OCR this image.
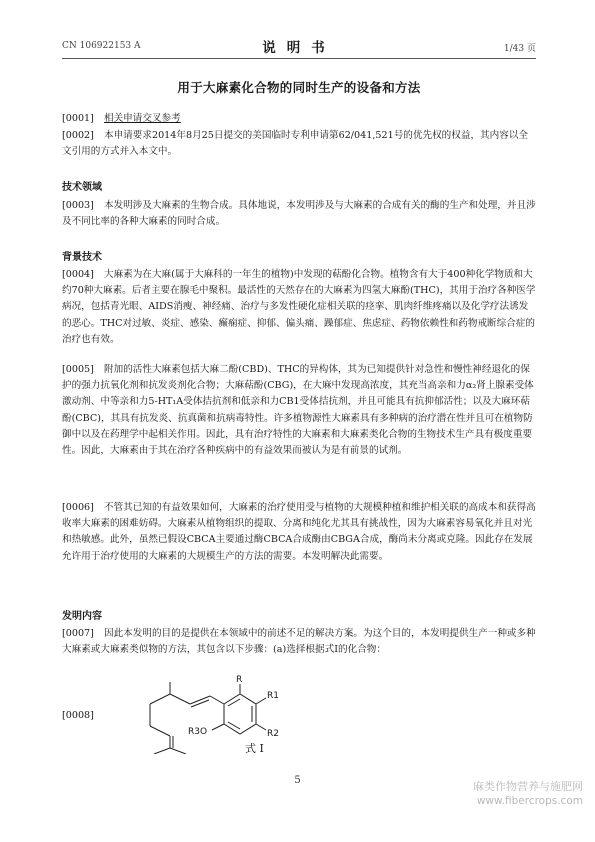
CN 106922153 A	说明书	1/43 页
用于大麻素化合物的同时生产的设备和方法

[0001] 相关申请交叉参考

[0002] 本申请要求2014年8月25日提交的美国临时专利申请第62/041,521号的优先权的权益，其内容以全文引用的方式并入本文中。

技术领域

[0003] 本发明涉及大麻素的生物合成。具体地说，本发明涉及与大麻素的合成有关的酶的生产和处理，并且涉及不同比率的各种大麻素的同时合成。

背景技术

[0004] 大麻素为在大麻(属于大麻科的一年生的植物)中发现的萜酚化合物。植物含有大于400种化学物质和大约70种大麻素。后者主要在腺毛中聚积。最活性的天然存在的大麻素为四氢大麻酚(THC)，其用于治疗各种医学病况，包括青光眼、AIDS消瘦、神经痛、治疗与多发性硬化症相关联的痉挛、肌肉纤维疼痛以及化学疗法诱发的恶心。THC对过敏、炎症、感染、癫痫症、抑郁、偏头痛、躁郁症、焦虑症、药物依赖性和药物戒断综合症的治疗也有效。

[0005] 附加的活性大麻素包括大麻二酚(CBD)、THC的异构体，其为已知提供针对急性和慢性神经退化的保护的强力抗氧化剂和抗发炎剂化合物；大麻萜酚(CBG)，在大麻中发现高浓度，其充当高亲和力α₂肾上腺素受体激动剂、中等亲和力5-HT₁A受体拮抗剂和低亲和力CB1受体拮抗剂，并且可能具有抗抑郁活性；以及大麻环萜酚(CBC)，其具有抗发炎、抗真菌和抗病毒特性。许多植物源性大麻素具有多种病的治疗潜在性并且可在植物防御中以及在药理学中起相关作用。因此，具有治疗特性的大麻素和大麻素类化合物的生物技术生产具有极度重要性。因此，大麻素由于其在治疗各种疾病中的有益效果而被认为是有前景的试剂。

[0006] 不管其已知的有益效果如何，大麻素的治疗使用受与植物的大规模种植和维护相关联的高成本和获得高收率大麻素的困难妨碍。大麻素从植物组织的提取、分离和纯化尤其具有挑战性，因为大麻素容易氧化并且对光和热敏感。此外，虽然已假设CBCA主要通过酶CBCA合成酶由CBGA合成，酶尚未分离或克隆。因此存在发展允许用于治疗使用的大麻素的大规模生产的方法的需要。本发明解决此需要。

发明内容

[0007] 因此本发明的目的是提供在本领域中的前述不足的解决方案。为这个目的，本发明提供生产一种或多种大麻素或大麻素类似物的方法，其包含以下步骤：(a)选择根据式I的化合物：

[0008]
R
R1
R2
R3O
式 I
5	麻类作物营养与施肥网
www.fibercrops.com
